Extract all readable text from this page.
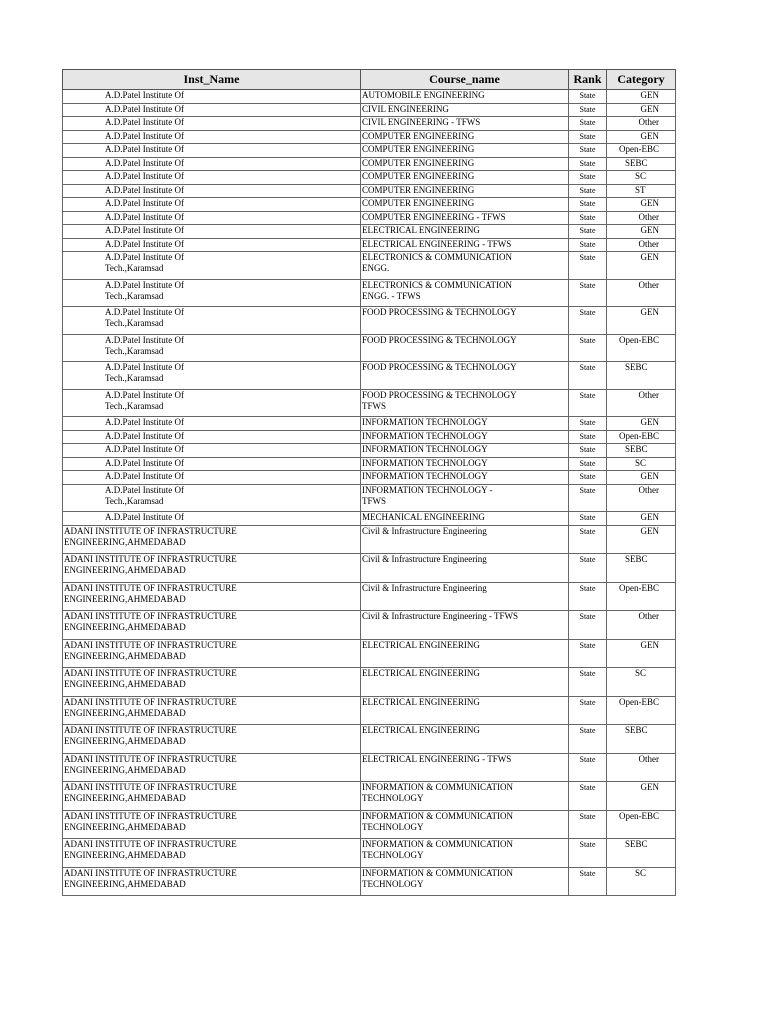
Inst_Name	Course_name	Rank	Category
A.D.Patel Institute Of	AUTOMOBILE ENGINEERING	State	GEN

A.D.Patel Institute Of	CIVIL ENGINEERING	State	GEN

A.D.Patel Institute Of	CIVIL ENGINEERING - TFWS	State	Other

A.D.Patel Institute Of	COMPUTER ENGINEERING	State	GEN

A.D.Patel Institute Of	COMPUTER ENGINEERING	State	Open-EBC

A.D.Patel Institute Of	COMPUTER ENGINEERING	State	SEBC

A.D.Patel Institute Of	COMPUTER ENGINEERING	State	SC

A.D.Patel Institute Of	COMPUTER ENGINEERING	State	ST

A.D.Patel Institute Of	COMPUTER ENGINEERING	State	GEN

A.D.Patel Institute Of	COMPUTER ENGINEERING - TFWS	State	Other

A.D.Patel Institute Of	ELECTRICAL ENGINEERING	State	GEN

A.D.Patel Institute Of	ELECTRICAL ENGINEERING - TFWS	State	Other

A.D.Patel Institute Of
Tech.,Karamsad	ELECTRONICS & COMMUNICATION
ENGG.	State	GEN

A.D.Patel Institute Of
Tech.,Karamsad	ELECTRONICS & COMMUNICATION
ENGG. - TFWS	State	Other

A.D.Patel Institute Of
Tech.,Karamsad	FOOD PROCESSING & TECHNOLOGY	State	GEN

A.D.Patel Institute Of
Tech.,Karamsad	FOOD PROCESSING & TECHNOLOGY	State	Open-EBC

A.D.Patel Institute Of
Tech.,Karamsad	FOOD PROCESSING & TECHNOLOGY	State	SEBC

A.D.Patel Institute Of
Tech.,Karamsad	FOOD PROCESSING & TECHNOLOGY
TFWS	State	Other

A.D.Patel Institute Of	INFORMATION TECHNOLOGY	State	GEN

A.D.Patel Institute Of	INFORMATION TECHNOLOGY	State	Open-EBC

A.D.Patel Institute Of	INFORMATION TECHNOLOGY	State	SEBC

A.D.Patel Institute Of	INFORMATION TECHNOLOGY	State	SC

A.D.Patel Institute Of	INFORMATION TECHNOLOGY	State	GEN

A.D.Patel Institute Of
Tech.,Karamsad	INFORMATION TECHNOLOGY -
TFWS	State	Other

A.D.Patel Institute Of	MECHANICAL ENGINEERING	State	GEN

ADANI INSTITUTE OF INFRASTRUCTURE
ENGINEERING,AHMEDABAD	Civil & Infrastructure Engineering	State	GEN

ADANI INSTITUTE OF INFRASTRUCTURE
ENGINEERING,AHMEDABAD	Civil & Infrastructure Engineering	State	SEBC

ADANI INSTITUTE OF INFRASTRUCTURE
ENGINEERING,AHMEDABAD	Civil & Infrastructure Engineering	State	Open-EBC

ADANI INSTITUTE OF INFRASTRUCTURE
ENGINEERING,AHMEDABAD	Civil & Infrastructure Engineering - TFWS	State	Other

ADANI INSTITUTE OF INFRASTRUCTURE
ENGINEERING,AHMEDABAD	ELECTRICAL ENGINEERING	State	GEN

ADANI INSTITUTE OF INFRASTRUCTURE
ENGINEERING,AHMEDABAD	ELECTRICAL ENGINEERING	State	SC

ADANI INSTITUTE OF INFRASTRUCTURE
ENGINEERING,AHMEDABAD	ELECTRICAL ENGINEERING	State	Open-EBC

ADANI INSTITUTE OF INFRASTRUCTURE
ENGINEERING,AHMEDABAD	ELECTRICAL ENGINEERING	State	SEBC

ADANI INSTITUTE OF INFRASTRUCTURE
ENGINEERING,AHMEDABAD	ELECTRICAL ENGINEERING - TFWS	State	Other

ADANI INSTITUTE OF INFRASTRUCTURE
ENGINEERING,AHMEDABAD	INFORMATION & COMMUNICATION
TECHNOLOGY	State	GEN

ADANI INSTITUTE OF INFRASTRUCTURE
ENGINEERING,AHMEDABAD	INFORMATION & COMMUNICATION
TECHNOLOGY	State	Open-EBC

ADANI INSTITUTE OF INFRASTRUCTURE
ENGINEERING,AHMEDABAD	INFORMATION & COMMUNICATION
TECHNOLOGY	State	SEBC

ADANI INSTITUTE OF INFRASTRUCTURE
ENGINEERING,AHMEDABAD	INFORMATION & COMMUNICATION
TECHNOLOGY	State	SC
